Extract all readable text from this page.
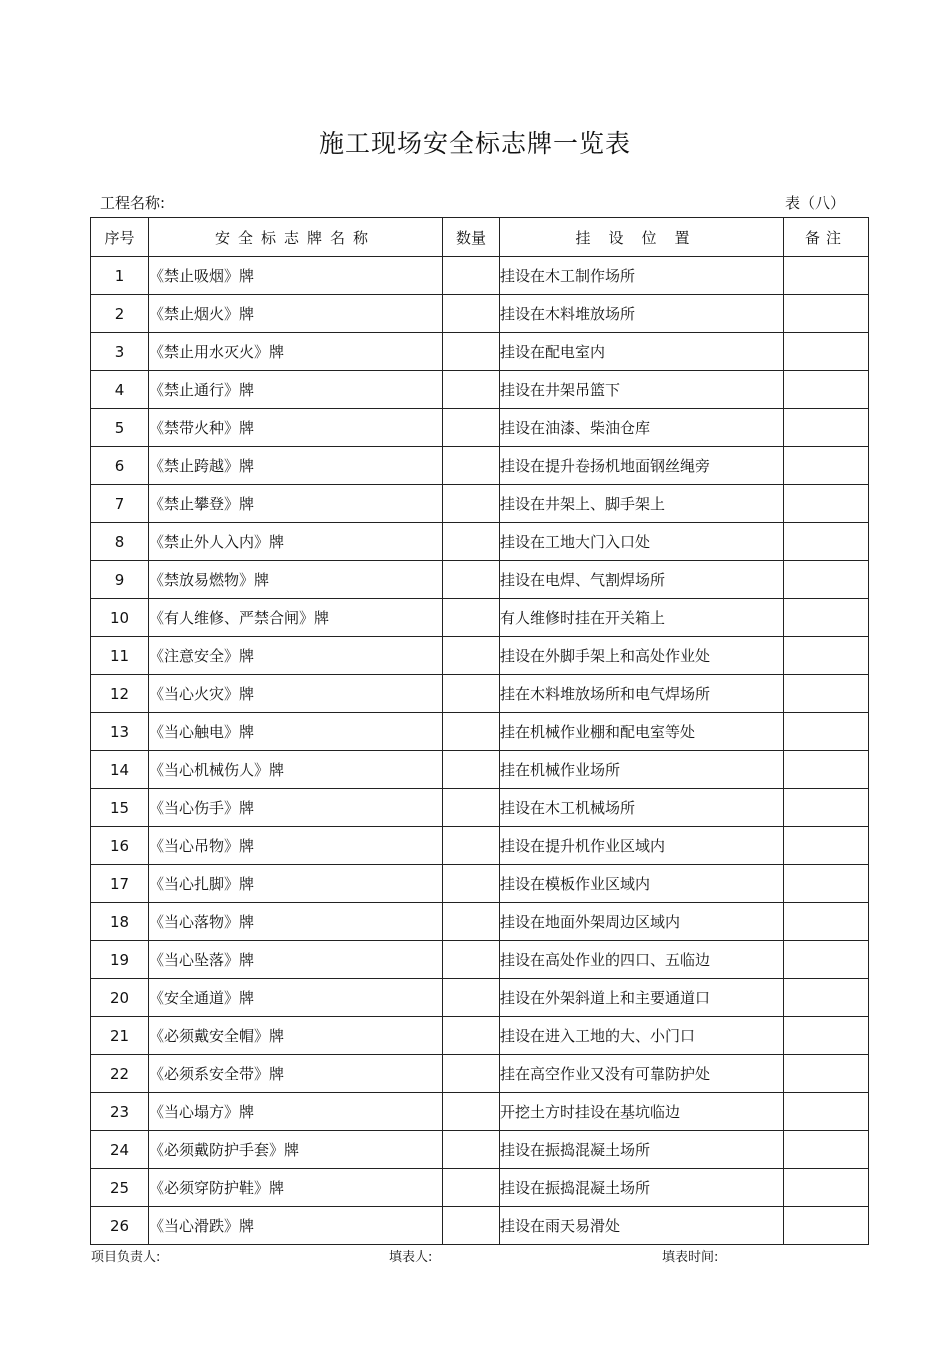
施工现场安全标志牌一览表
工程名称:	表（八）
序号	安全标志牌名称	数量	挂设位置	备注
1	《禁止吸烟》牌		挂设在木工制作场所	
2	《禁止烟火》牌		挂设在木料堆放场所	
3	《禁止用水灭火》牌		挂设在配电室内	
4	《禁止通行》牌		挂设在井架吊篮下	
5	《禁带火种》牌		挂设在油漆、柴油仓库	
6	《禁止跨越》牌		挂设在提升卷扬机地面钢丝绳旁	
7	《禁止攀登》牌		挂设在井架上、脚手架上	
8	《禁止外人入内》牌		挂设在工地大门入口处	
9	《禁放易燃物》牌		挂设在电焊、气割焊场所	
10	《有人维修、严禁合闸》牌		有人维修时挂在开关箱上	
11	《注意安全》牌		挂设在外脚手架上和高处作业处	
12	《当心火灾》牌		挂在木料堆放场所和电气焊场所	
13	《当心触电》牌		挂在机械作业棚和配电室等处	
14	《当心机械伤人》牌		挂在机械作业场所	
15	《当心伤手》牌		挂设在木工机械场所	
16	《当心吊物》牌		挂设在提升机作业区域内	
17	《当心扎脚》牌		挂设在模板作业区域内	
18	《当心落物》牌		挂设在地面外架周边区域内	
19	《当心坠落》牌		挂设在高处作业的四口、五临边	
20	《安全通道》牌		挂设在外架斜道上和主要通道口	
21	《必须戴安全帽》牌		挂设在进入工地的大、小门口	
22	《必须系安全带》牌		挂在高空作业又没有可靠防护处	
23	《当心塌方》牌		开挖土方时挂设在基坑临边	
24	《必须戴防护手套》牌		挂设在振捣混凝土场所	
25	《必须穿防护鞋》牌		挂设在振捣混凝土场所	
26	《当心滑跌》牌		挂设在雨天易滑处	
项目负责人:	填表人:	填表时间:
